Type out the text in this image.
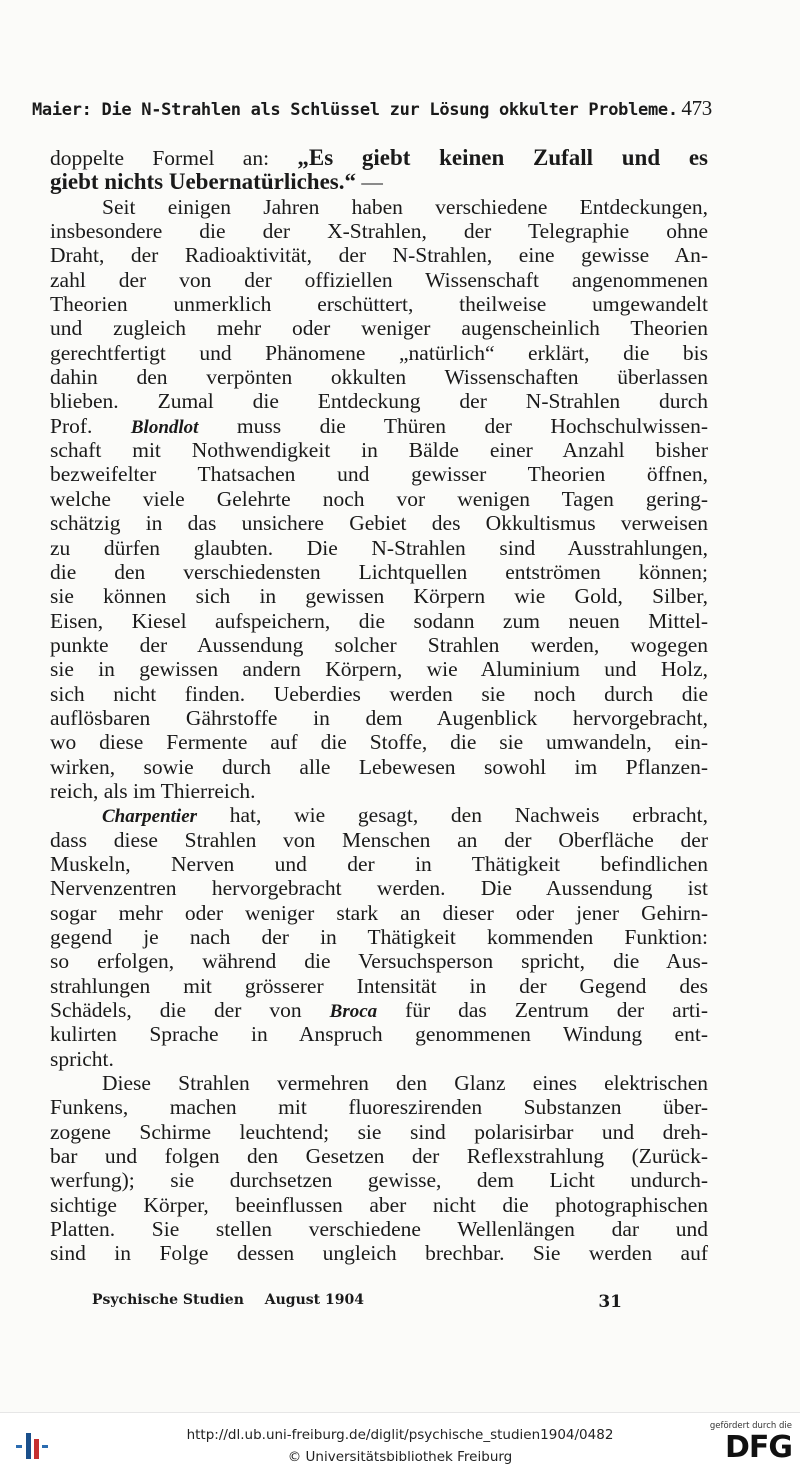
Maier: Die N-Strahlen als Schlüssel zur Lösung okkulter Probleme. 473
doppelte Formel an: „Es giebt keinen Zufall und es
giebt nichts Uebernatürliches.“ —
Seit einigen Jahren haben verschiedene Entdeckungen,
insbesondere die der X-Strahlen, der Telegraphie ohne
Draht, der Radioaktivität, der N-Strahlen, eine gewisse An-
zahl der von der offiziellen Wissenschaft angenommenen
Theorien unmerklich erschüttert, theilweise umgewandelt
und zugleich mehr oder weniger augenscheinlich Theorien
gerechtfertigt und Phänomene „natürlich“ erklärt, die bis
dahin den verpönten okkulten Wissenschaften überlassen
blieben. Zumal die Entdeckung der N-Strahlen durch
Prof. Blondlot muss die Thüren der Hochschulwissen-
schaft mit Nothwendigkeit in Bälde einer Anzahl bisher
bezweifelter Thatsachen und gewisser Theorien öffnen,
welche viele Gelehrte noch vor wenigen Tagen gering-
schätzig in das unsichere Gebiet des Okkultismus verweisen
zu dürfen glaubten. Die N-Strahlen sind Ausstrahlungen,
die den verschiedensten Lichtquellen entströmen können;
sie können sich in gewissen Körpern wie Gold, Silber,
Eisen, Kiesel aufspeichern, die sodann zum neuen Mittel-
punkte der Aussendung solcher Strahlen werden, wogegen
sie in gewissen andern Körpern, wie Aluminium und Holz,
sich nicht finden. Ueberdies werden sie noch durch die
auflösbaren Gährstoffe in dem Augenblick hervorgebracht,
wo diese Fermente auf die Stoffe, die sie umwandeln, ein-
wirken, sowie durch alle Lebewesen sowohl im Pflanzen-
reich, als im Thierreich.
Charpentier hat, wie gesagt, den Nachweis erbracht,
dass diese Strahlen von Menschen an der Oberfläche der
Muskeln, Nerven und der in Thätigkeit befindlichen
Nervenzentren hervorgebracht werden. Die Aussendung ist
sogar mehr oder weniger stark an dieser oder jener Gehirn-
gegend je nach der in Thätigkeit kommenden Funktion:
so erfolgen, während die Versuchsperson spricht, die Aus-
strahlungen mit grösserer Intensität in der Gegend des
Schädels, die der von Broca für das Zentrum der arti-
kulirten Sprache in Anspruch genommenen Windung ent-
spricht.
Diese Strahlen vermehren den Glanz eines elektrischen
Funkens, machen mit fluoreszirenden Substanzen über-
zogene Schirme leuchtend; sie sind polarisirbar und dreh-
bar und folgen den Gesetzen der Reflexstrahlung (Zurück-
werfung); sie durchsetzen gewisse, dem Licht undurch-
sichtige Körper, beeinflussen aber nicht die photographischen
Platten. Sie stellen verschiedene Wellenlängen dar und
sind in Folge dessen ungleich brechbar. Sie werden auf
Psychische Studien August 1904	31
http://dl.ub.uni-freiburg.de/diglit/psychische_studien1904/0482
© Universitätsbibliothek Freiburg
gefördert durch die
DFG
